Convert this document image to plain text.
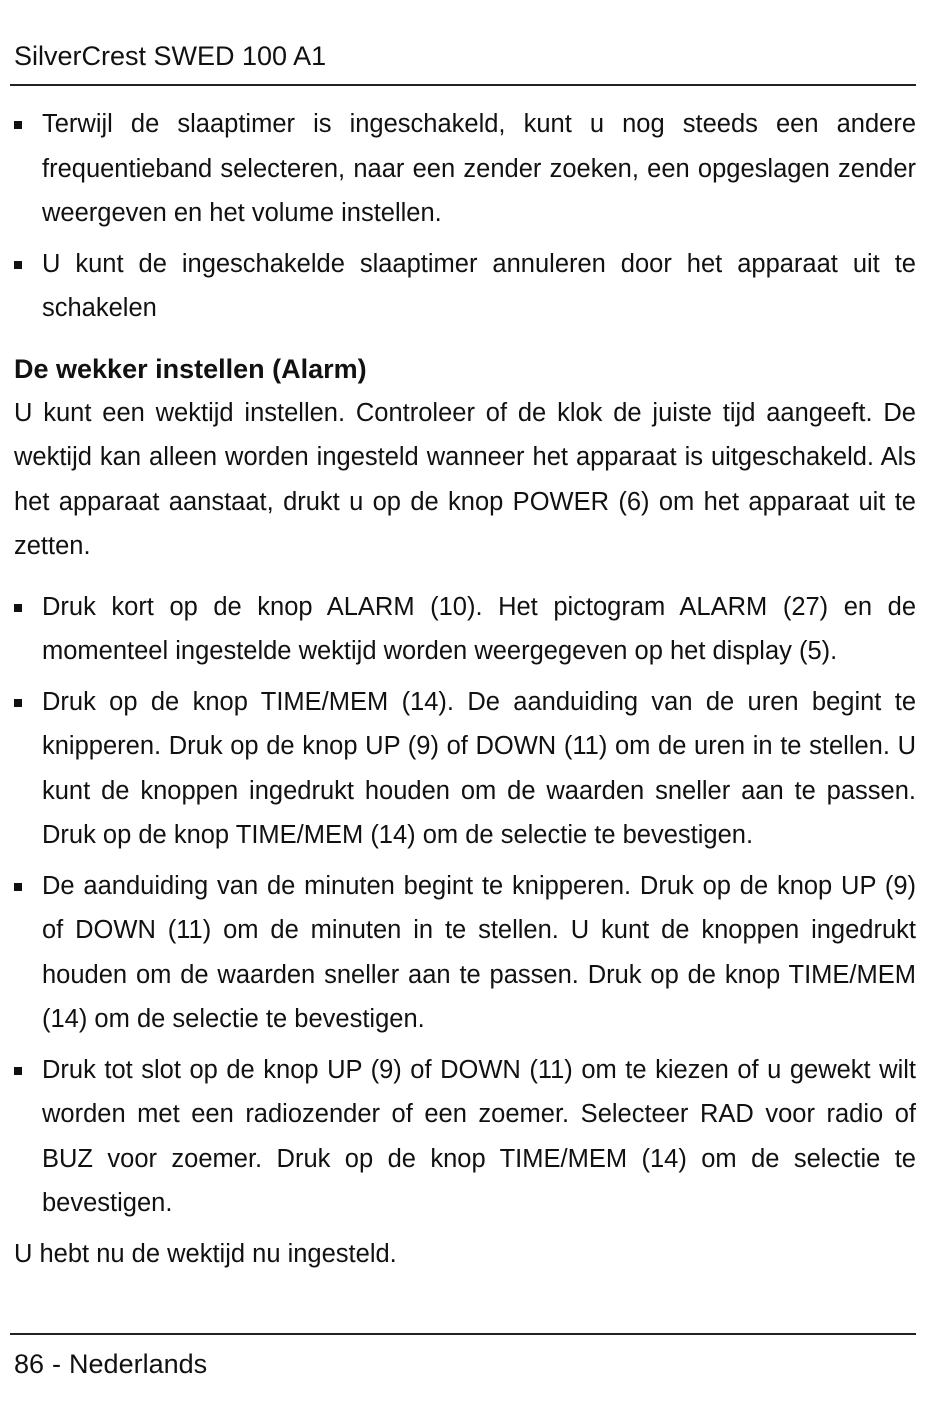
SilverCrest SWED 100 A1
Terwijl de slaaptimer is ingeschakeld, kunt u nog steeds een andere frequentieband selecteren, naar een zender zoeken, een opgeslagen zender weergeven en het volume instellen.
U kunt de ingeschakelde slaaptimer annuleren door het apparaat uit te schakelen
De wekker instellen (Alarm)

U kunt een wektijd instellen. Controleer of de klok de juiste tijd aangeeft. De wektijd kan alleen worden ingesteld wanneer het apparaat is uitgeschakeld. Als het apparaat aanstaat, drukt u op de knop POWER (6) om het apparaat uit te zetten.

Druk kort op de knop ALARM (10). Het pictogram ALARM (27) en de momenteel ingestelde wektijd worden weergegeven op het display (5).
Druk op de knop TIME/MEM (14). De aanduiding van de uren begint te knipperen. Druk op de knop UP (9) of DOWN (11) om de uren in te stellen. U kunt de knoppen ingedrukt houden om de waarden sneller aan te passen. Druk op de knop TIME/MEM (14) om de selectie te bevestigen.
De aanduiding van de minuten begint te knipperen. Druk op de knop UP (9) of DOWN (11) om de minuten in te stellen. U kunt de knoppen ingedrukt houden om de waarden sneller aan te passen. Druk op de knop TIME/MEM (14) om de selectie te bevestigen.
Druk tot slot op de knop UP (9) of DOWN (11) om te kiezen of u gewekt wilt worden met een radiozender of een zoemer. Selecteer RAD voor radio of BUZ voor zoemer. Druk op de knop TIME/MEM (14) om de selectie te bevestigen.

U hebt nu de wektijd nu ingesteld.

86 - Nederlands
